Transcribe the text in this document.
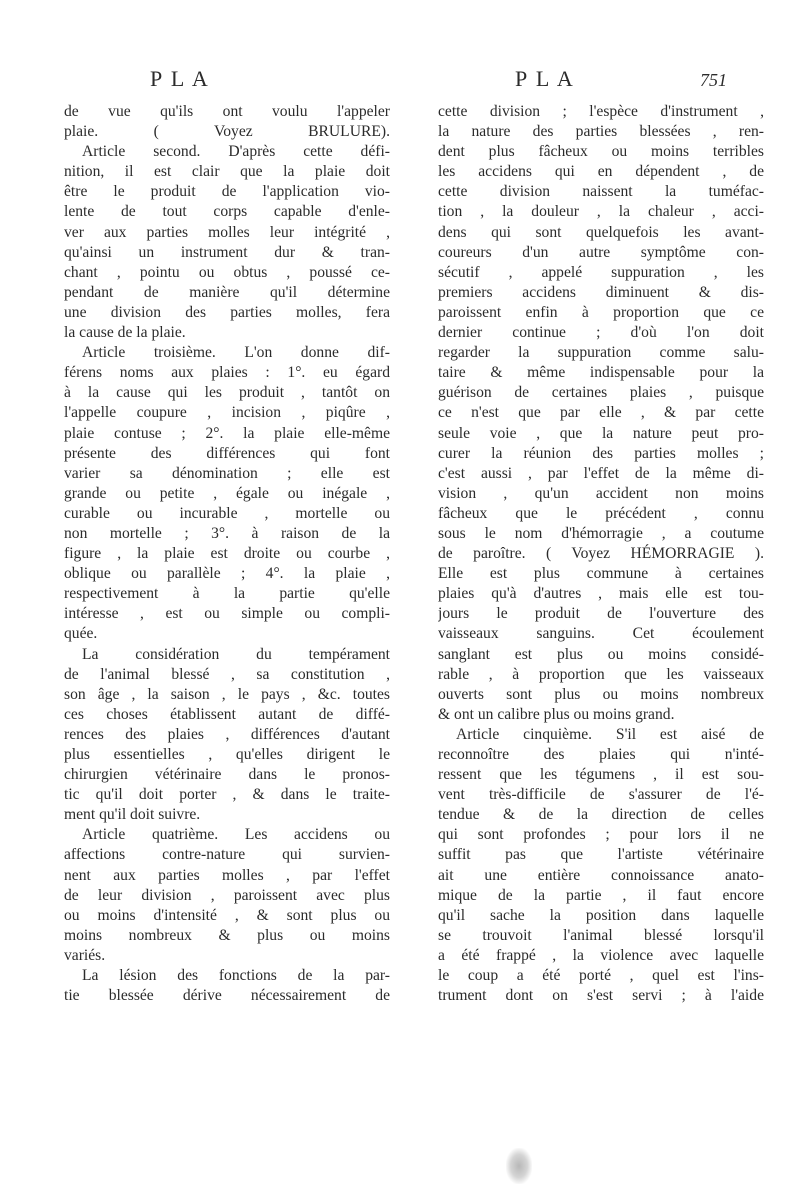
P L A	P L A	751
de vue qu'ils ont voulu l'appeler
plaie. ( Voyez BRULURE).
Article second. D'après cette défi-
nition, il est clair que la plaie doit
être le produit de l'application vio-
lente de tout corps capable d'enle-
ver aux parties molles leur intégrité ,
qu'ainsi un instrument dur & tran-
chant , pointu ou obtus , poussé ce-
pendant de manière qu'il détermine
une division des parties molles, fera
la cause de la plaie.
Article troisième. L'on donne dif-
férens noms aux plaies : 1°. eu égard
à la cause qui les produit , tantôt on
l'appelle coupure , incision , piqûre ,
plaie contuse ; 2°. la plaie elle-même
présente des différences qui font
varier sa dénomination ; elle est
grande ou petite , égale ou inégale ,
curable ou incurable , mortelle ou
non mortelle ; 3°. à raison de la
figure , la plaie est droite ou courbe ,
oblique ou parallèle ; 4°. la plaie ,
respectivement à la partie qu'elle
intéresse , est ou simple ou compli-
quée.
La considération du tempérament
de l'animal blessé , sa constitution ,
son âge , la saison , le pays , &c. toutes
ces choses établissent autant de diffé-
rences des plaies , différences d'autant
plus essentielles , qu'elles dirigent le
chirurgien vétérinaire dans le pronos-
tic qu'il doit porter , & dans le traite-
ment qu'il doit suivre.
Article quatrième. Les accidens ou
affections contre-nature qui survien-
nent aux parties molles , par l'effet
de leur division , paroissent avec plus
ou moins d'intensité , & sont plus ou
moins nombreux & plus ou moins
variés.
La lésion des fonctions de la par-
tie blessée dérive nécessairement de
cette division ; l'espèce d'instrument ,
la nature des parties blessées , ren-
dent plus fâcheux ou moins terribles
les accidens qui en dépendent , de
cette division naissent la tuméfac-
tion , la douleur , la chaleur , acci-
dens qui sont quelquefois les avant-
coureurs d'un autre symptôme con-
sécutif , appelé suppuration , les
premiers accidens diminuent & dis-
paroissent enfin à proportion que ce
dernier continue ; d'où l'on doit
regarder la suppuration comme salu-
taire & même indispensable pour la
guérison de certaines plaies , puisque
ce n'est que par elle , & par cette
seule voie , que la nature peut pro-
curer la réunion des parties molles ;
c'est aussi , par l'effet de la même di-
vision , qu'un accident non moins
fâcheux que le précédent , connu
sous le nom d'hémorragie , a coutume
de paroître. ( Voyez HÉMORRAGIE ).
Elle est plus commune à certaines
plaies qu'à d'autres , mais elle est tou-
jours le produit de l'ouverture des
vaisseaux sanguins. Cet écoulement
sanglant est plus ou moins considé-
rable , à proportion que les vaisseaux
ouverts sont plus ou moins nombreux
& ont un calibre plus ou moins grand.
Article cinquième. S'il est aisé de
reconnoître des plaies qui n'inté-
ressent que les tégumens , il est sou-
vent très-difficile de s'assurer de l'é-
tendue & de la direction de celles
qui sont profondes ; pour lors il ne
suffit pas que l'artiste vétérinaire
ait une entière connoissance anato-
mique de la partie , il faut encore
qu'il sache la position dans laquelle
se trouvoit l'animal blessé lorsqu'il
a été frappé , la violence avec laquelle
le coup a été porté , quel est l'ins-
trument dont on s'est servi ; à l'aide
